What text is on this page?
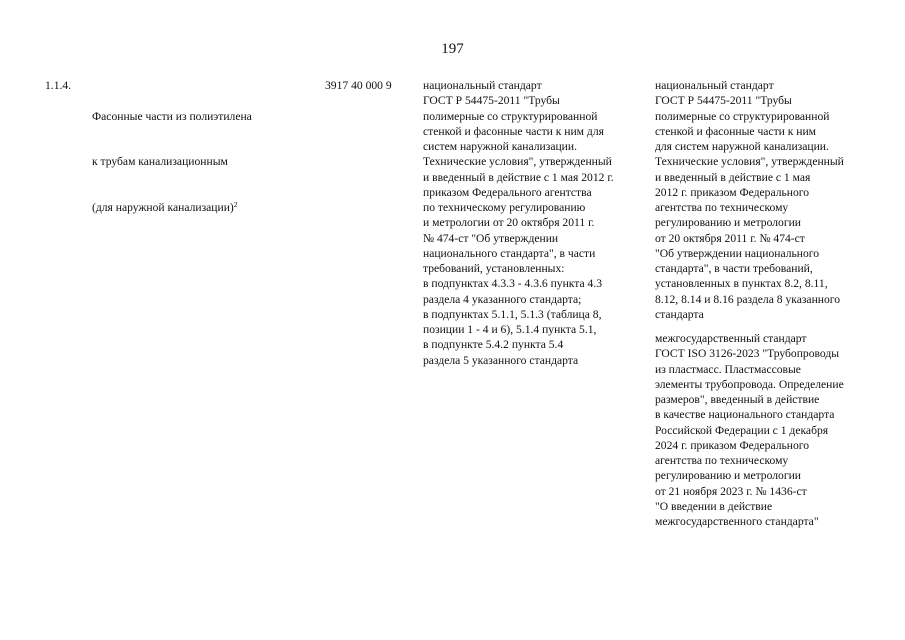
197
1.1.4.

Фасонные части из полиэтилена

к трубам канализационным

(для наружной канализации)$^2$

3917 40 000 9	национальный стандарт
ГОСТ Р 54475-2011 "Трубы
полимерные со структурированной
стенкой и фасонные части к ним для
систем наружной канализации.
Технические условия", утвержденный
и введенный в действие с 1 мая 2012 г.
приказом Федерального агентства
по техническому регулированию
и метрологии от 20 октября 2011 г.
№ 474-ст "Об утверждении
национального стандарта", в части
требований, установленных:
в подпунктах 4.3.3 - 4.3.6 пункта 4.3
раздела 4 указанного стандарта;
в подпунктах 5.1.1, 5.1.3 (таблица 8,
позиции 1 - 4 и 6), 5.1.4 пункта 5.1,
в подпункте 5.4.2 пункта 5.4
раздела 5 указанного стандарта
национальный стандарт
ГОСТ Р 54475-2011 "Трубы
полимерные со структурированной
стенкой и фасонные части к ним
для систем наружной канализации.
Технические условия", утвержденный
и введенный в действие с 1 мая
2012 г. приказом Федерального
агентства по техническому
регулированию и метрологии
от 20 октября 2011 г. № 474-ст
"Об утверждении национального
стандарта", в части требований,
установленных в пунктах 8.2, 8.11,
8.12, 8.14 и 8.16 раздела 8 указанного
стандарта
межгосударственный стандарт
ГОСТ ISO 3126-2023 "Трубопроводы
из пластмасс. Пластмассовые
элементы трубопровода. Определение
размеров", введенный в действие
в качестве национального стандарта
Российской Федерации с 1 декабря
2024 г. приказом Федерального
агентства по техническому
регулированию и метрологии
от 21 ноября 2023 г. № 1436-ст
"О введении в действие
межгосударственного стандарта"
